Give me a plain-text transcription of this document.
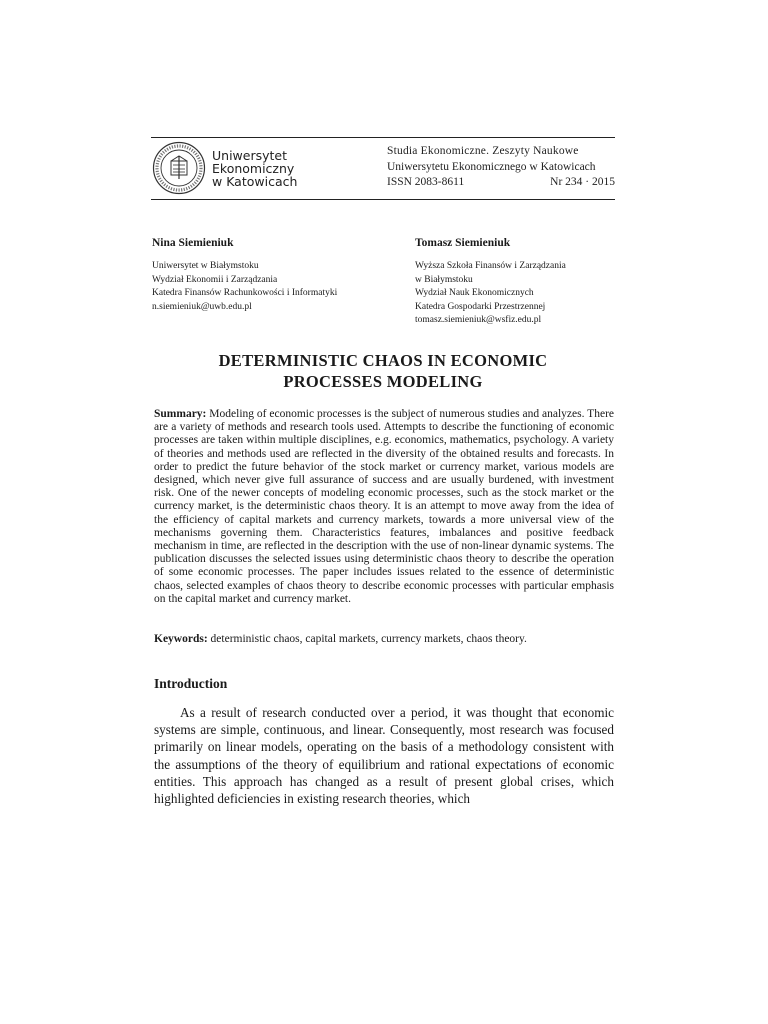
Uniwersytet
Ekonomiczny
w Katowicach
Studia Ekonomiczne. Zeszyty Naukowe
Uniwersytetu Ekonomicznego w Katowicach
ISSN 2083-8611	Nr 234 · 2015
Nina Siemieniuk
Uniwersytet w Białymstoku
Wydział Ekonomii i Zarządzania
Katedra Finansów Rachunkowości i Informatyki
n.siemieniuk@uwb.edu.pl
Tomasz Siemieniuk
Wyższa Szkoła Finansów i Zarządzania
w Białymstoku
Wydział Nauk Ekonomicznych
Katedra Gospodarki Przestrzennej
tomasz.siemieniuk@wsfiz.edu.pl
DETERMINISTIC CHAOS IN ECONOMIC
PROCESSES MODELING
Summary: Modeling of economic processes is the subject of numerous studies and analyzes. There are a variety of methods and research tools used. Attempts to describe the functioning of economic processes are taken within multiple disciplines, e.g. economics, mathematics, psychology. A variety of theories and methods used are reflected in the diversity of the obtained results and forecasts. In order to predict the future behavior of the stock market or currency market, various models are designed, which never give full assurance of success and are usually burdened, with investment risk. One of the newer concepts of modeling economic processes, such as the stock market or the currency market, is the deterministic chaos theory. It is an attempt to move away from the idea of the efficiency of capital markets and currency markets, towards a more universal view of the mechanisms governing them. Characteristics features, imbalances and positive feedback mechanism in time, are reflected in the description with the use of non-linear dynamic systems. The publication discusses the selected issues using deterministic chaos theory to describe the operation of some economic processes. The paper includes issues related to the essence of deterministic chaos, selected examples of chaos theory to describe economic processes with particular emphasis on the capital market and currency market.
Keywords: deterministic chaos, capital markets, currency markets, chaos theory.
Introduction
As a result of research conducted over a period, it was thought that economic systems are simple, continuous, and linear. Consequently, most research was focused primarily on linear models, operating on the basis of a methodology consistent with the assumptions of the theory of equilibrium and rational expectations of economic entities. This approach has changed as a result of present global crises, which highlighted deficiencies in existing research theories, which
